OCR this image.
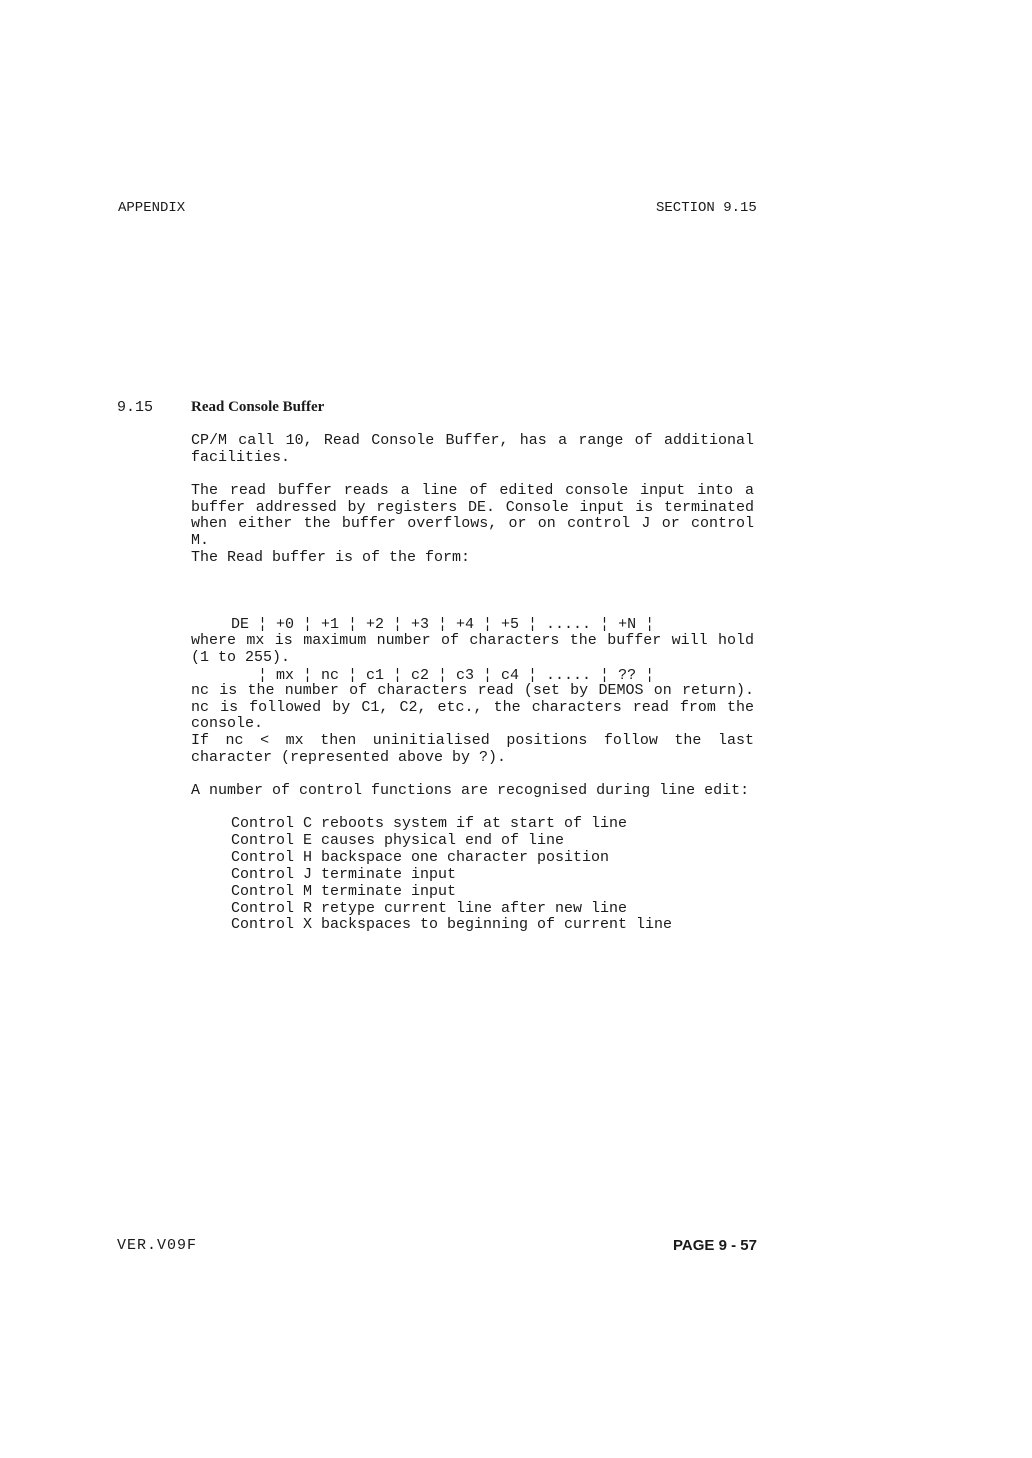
APPENDIX	SECTION 9.15
9.15	Read Console Buffer
CP/M call 10, Read Console Buffer, has a range of additional facilities.
The read buffer reads a line of edited console input into a buffer addressed by registers DE. Console input is terminated when either the buffer overflows, or on control J or control M.
The Read buffer is of the form:

DE ¦ +0 ¦ +1 ¦ +2 ¦ +3 ¦ +4 ¦ +5 ¦ ..... ¦ +N ¦

¦ mx ¦ nc ¦ c1 ¦ c2 ¦ c3 ¦ c4 ¦ ..... ¦ ?? ¦

where mx is maximum number of characters the buffer will hold (1 to 255).
nc is the number of characters read (set by DEMOS on return). nc is followed by C1, C2, etc., the characters read from the console.
If nc < mx then uninitialised positions follow the last character (represented above by ?).
A number of control functions are recognised during line edit:
Control C reboots system if at start of line
Control E causes physical end of line
Control H backspace one character position
Control J terminate input
Control M terminate input
Control R retype current line after new line
Control X backspaces to beginning of current line
VER.V09F	PAGE 9 - 57
